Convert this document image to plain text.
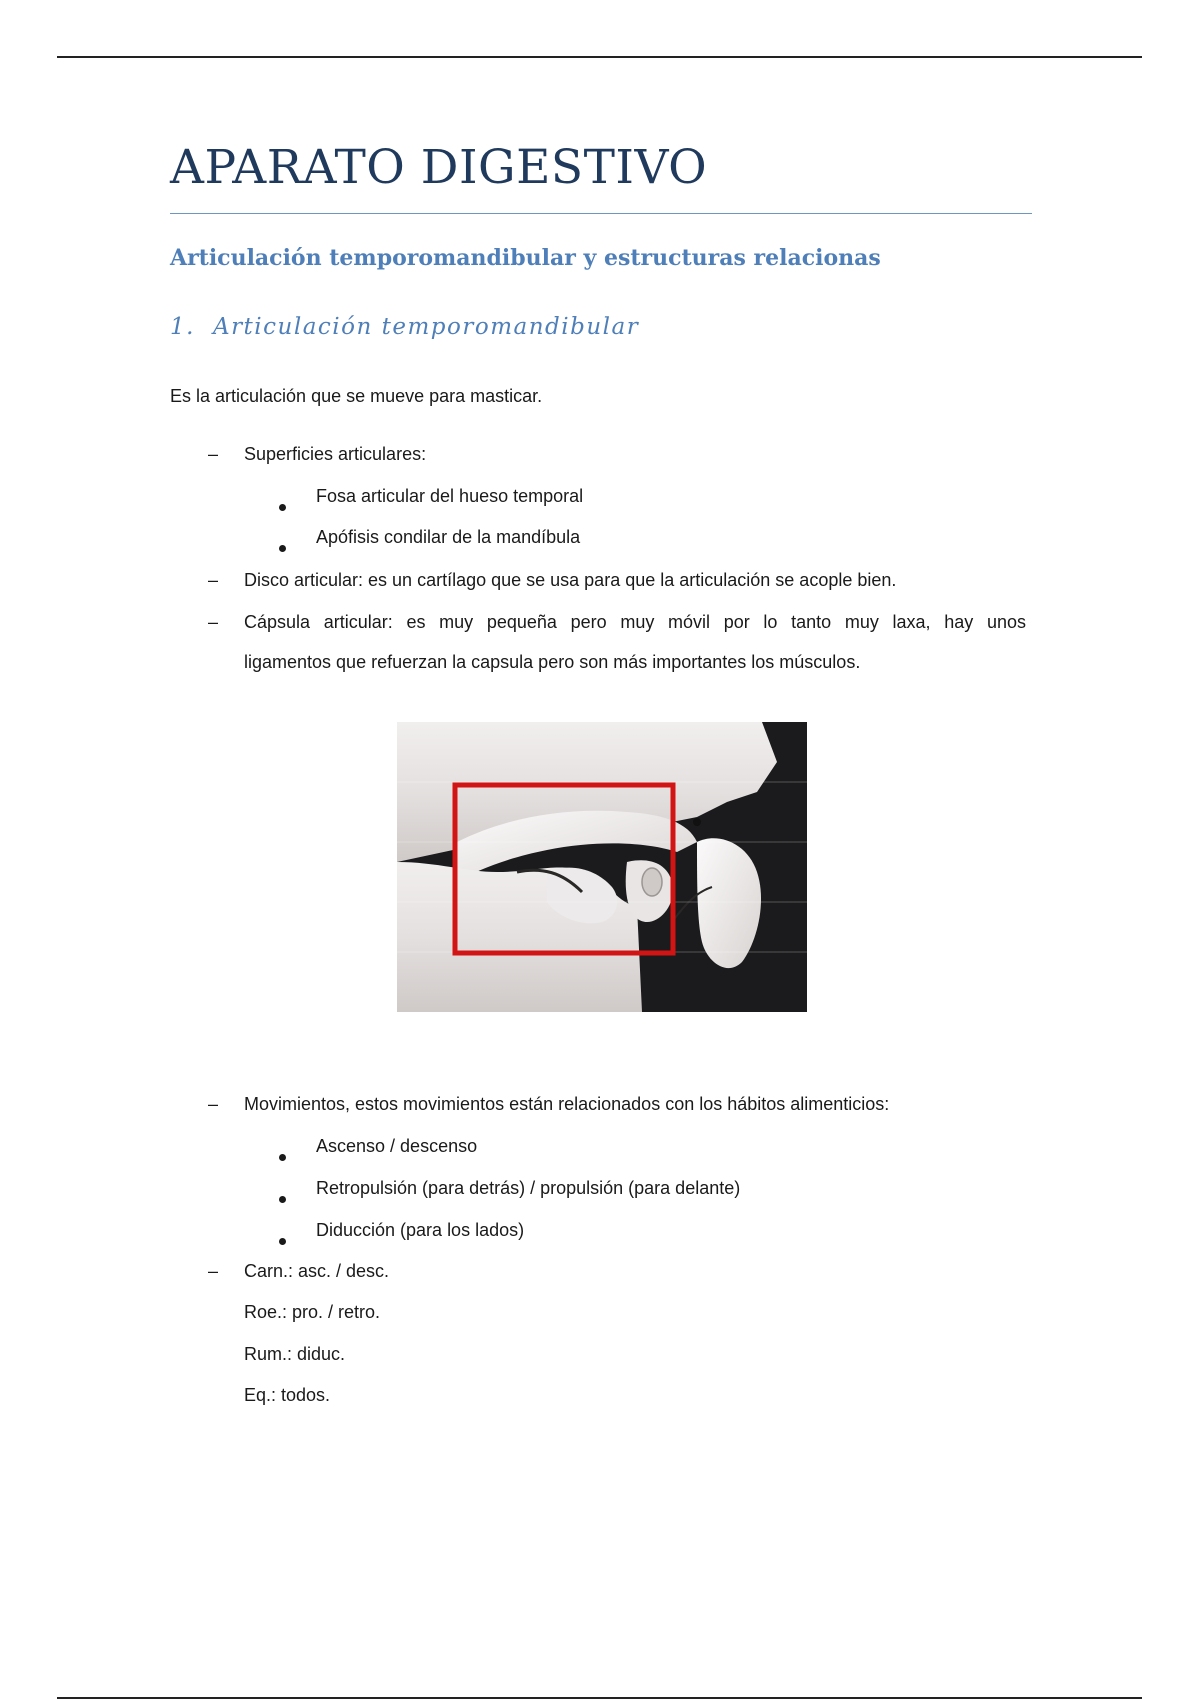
APARATO DIGESTIVO
Articulación temporomandibular y estructuras relacionas
1. Articulación temporomandibular

Es la articulación que se mueve para masticar.

– Superficies articulares:

Fosa articular del hueso temporal

Apófisis condilar de la mandíbula

– Disco articular: es un cartílago que se usa para que la articulación se acople bien.

– Cápsula articular: es muy pequeña pero muy móvil por lo tanto muy laxa, hay unos

ligamentos que refuerzan la capsula pero son más importantes los músculos.

– Movimientos, estos movimientos están relacionados con los hábitos alimenticios:

Ascenso / descenso

Retropulsión (para detrás) / propulsión (para delante)

Diducción (para los lados)

– Carn.: asc. / desc.

Roe.: pro. / retro.

Rum.: diduc.

Eq.: todos.
